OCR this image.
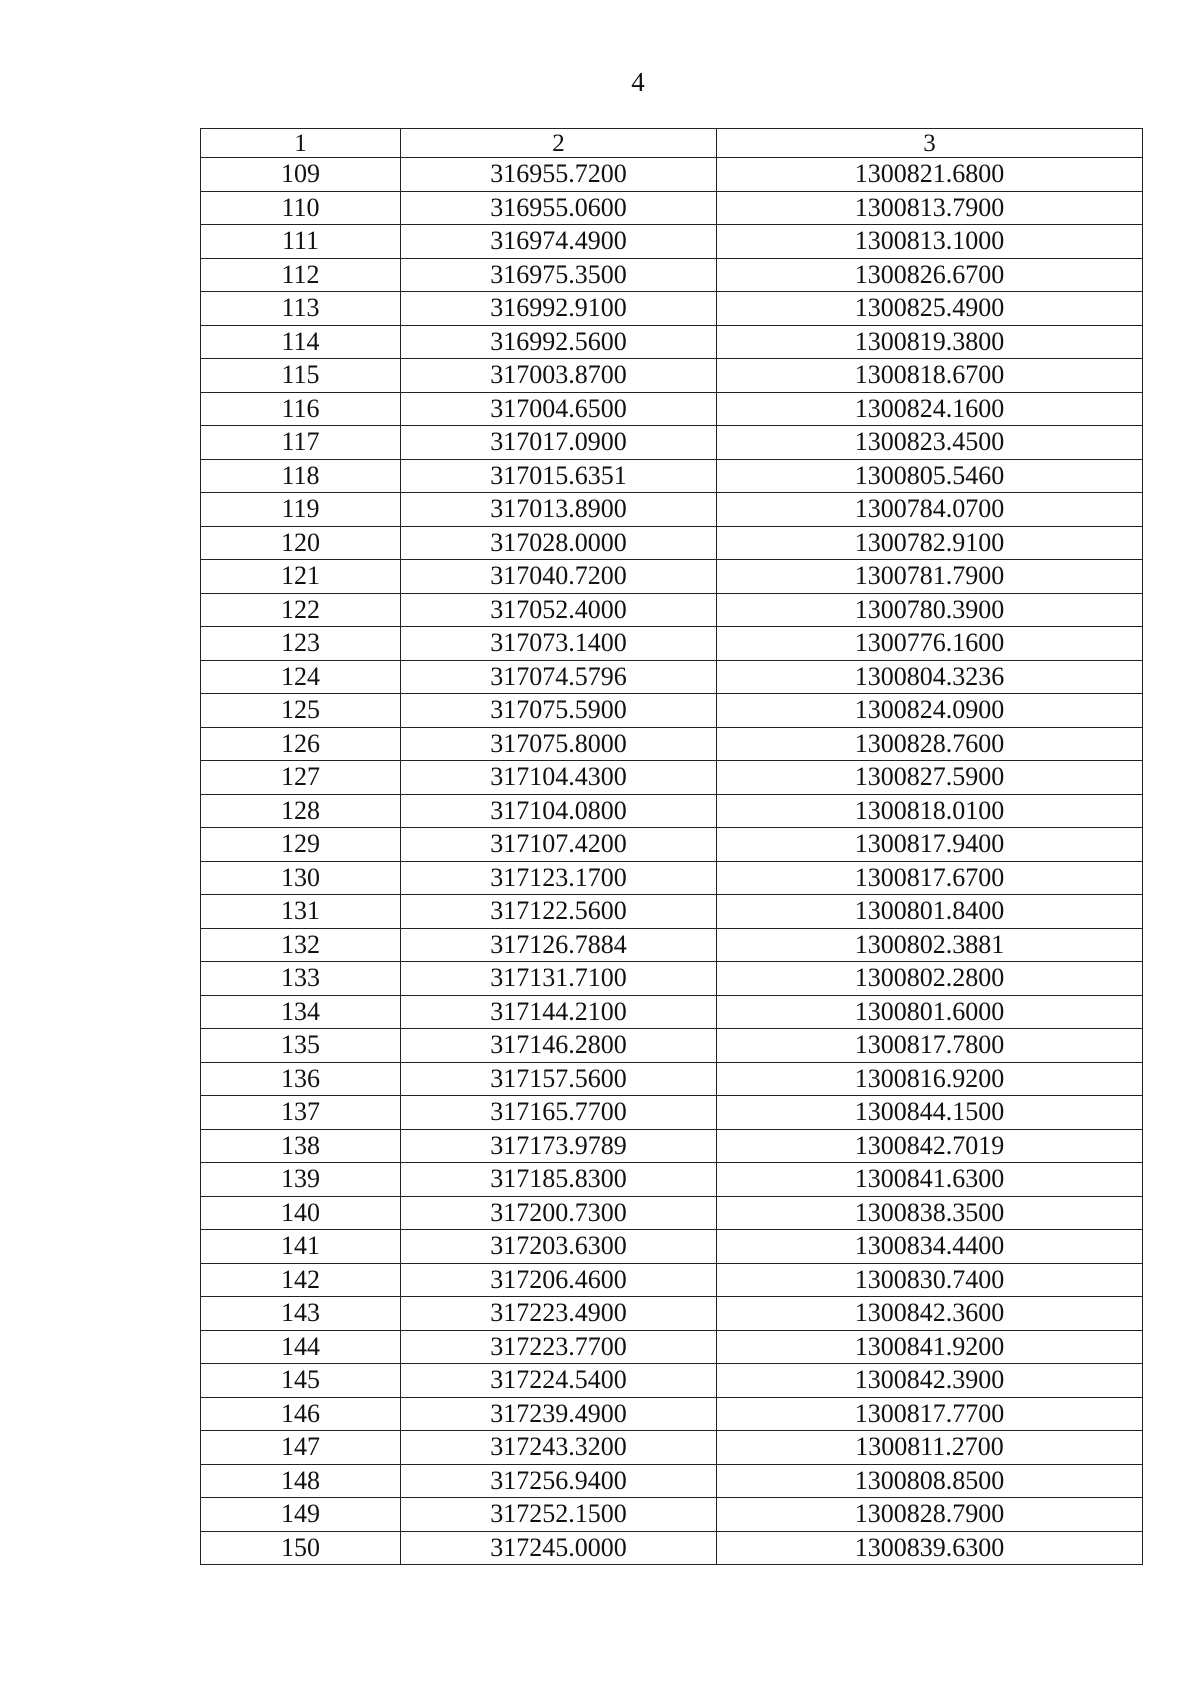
4
1	2	3
109	316955.7200	1300821.6800
110	316955.0600	1300813.7900
111	316974.4900	1300813.1000
112	316975.3500	1300826.6700
113	316992.9100	1300825.4900
114	316992.5600	1300819.3800
115	317003.8700	1300818.6700
116	317004.6500	1300824.1600
117	317017.0900	1300823.4500
118	317015.6351	1300805.5460
119	317013.8900	1300784.0700
120	317028.0000	1300782.9100
121	317040.7200	1300781.7900
122	317052.4000	1300780.3900
123	317073.1400	1300776.1600
124	317074.5796	1300804.3236
125	317075.5900	1300824.0900
126	317075.8000	1300828.7600
127	317104.4300	1300827.5900
128	317104.0800	1300818.0100
129	317107.4200	1300817.9400
130	317123.1700	1300817.6700
131	317122.5600	1300801.8400
132	317126.7884	1300802.3881
133	317131.7100	1300802.2800
134	317144.2100	1300801.6000
135	317146.2800	1300817.7800
136	317157.5600	1300816.9200
137	317165.7700	1300844.1500
138	317173.9789	1300842.7019
139	317185.8300	1300841.6300
140	317200.7300	1300838.3500
141	317203.6300	1300834.4400
142	317206.4600	1300830.7400
143	317223.4900	1300842.3600
144	317223.7700	1300841.9200
145	317224.5400	1300842.3900
146	317239.4900	1300817.7700
147	317243.3200	1300811.2700
148	317256.9400	1300808.8500
149	317252.1500	1300828.7900
150	317245.0000	1300839.6300
